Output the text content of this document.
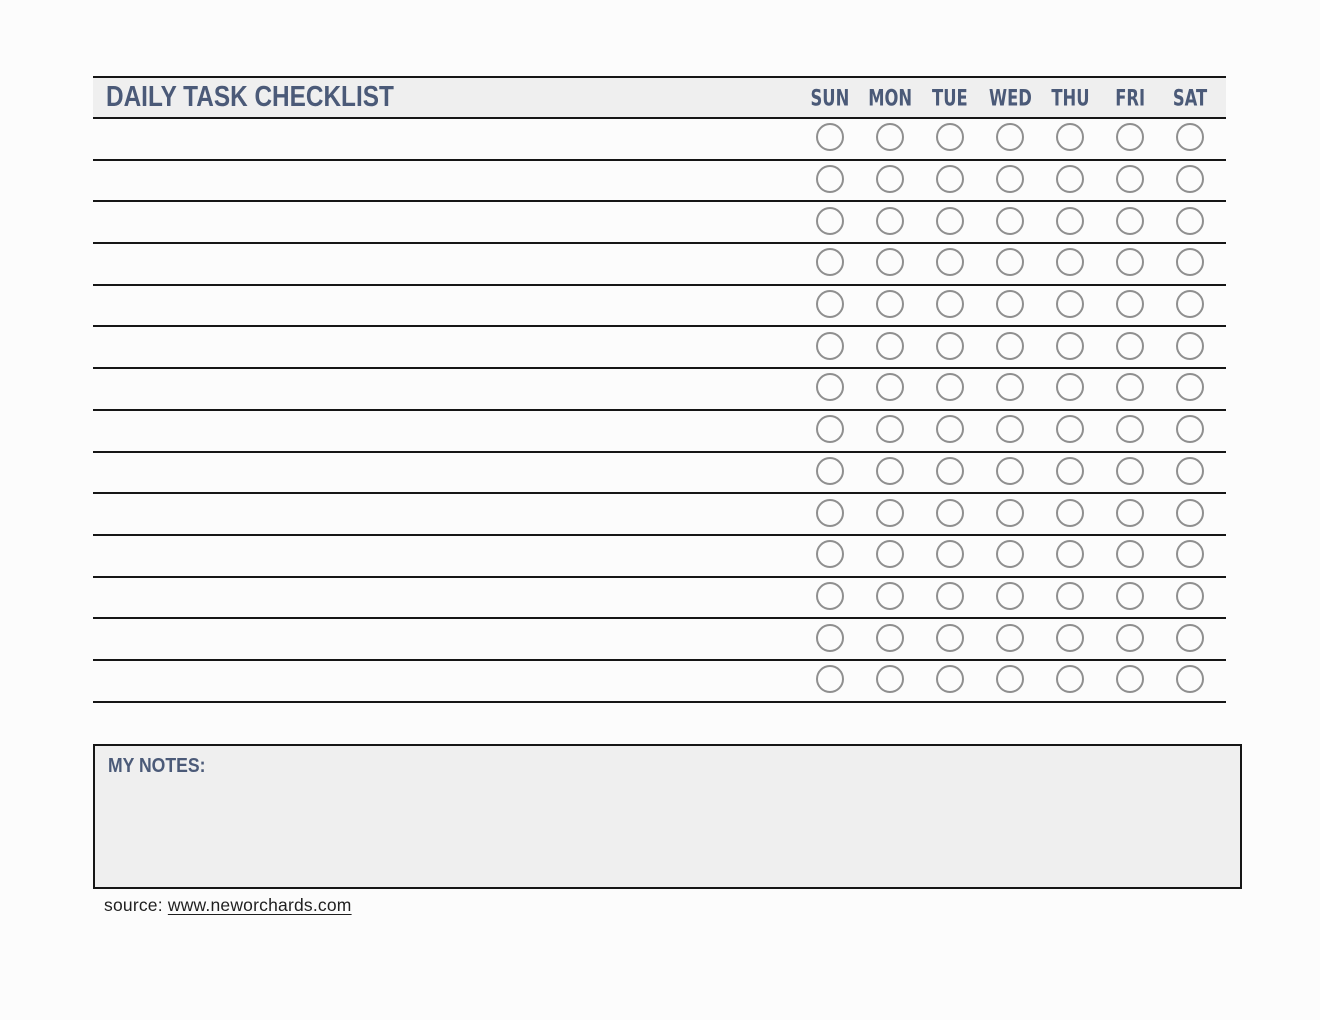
DAILY TASK CHECKLIST	SUN MON TUE WED THU FRI SAT
MY NOTES:
source: www.neworchards.com
